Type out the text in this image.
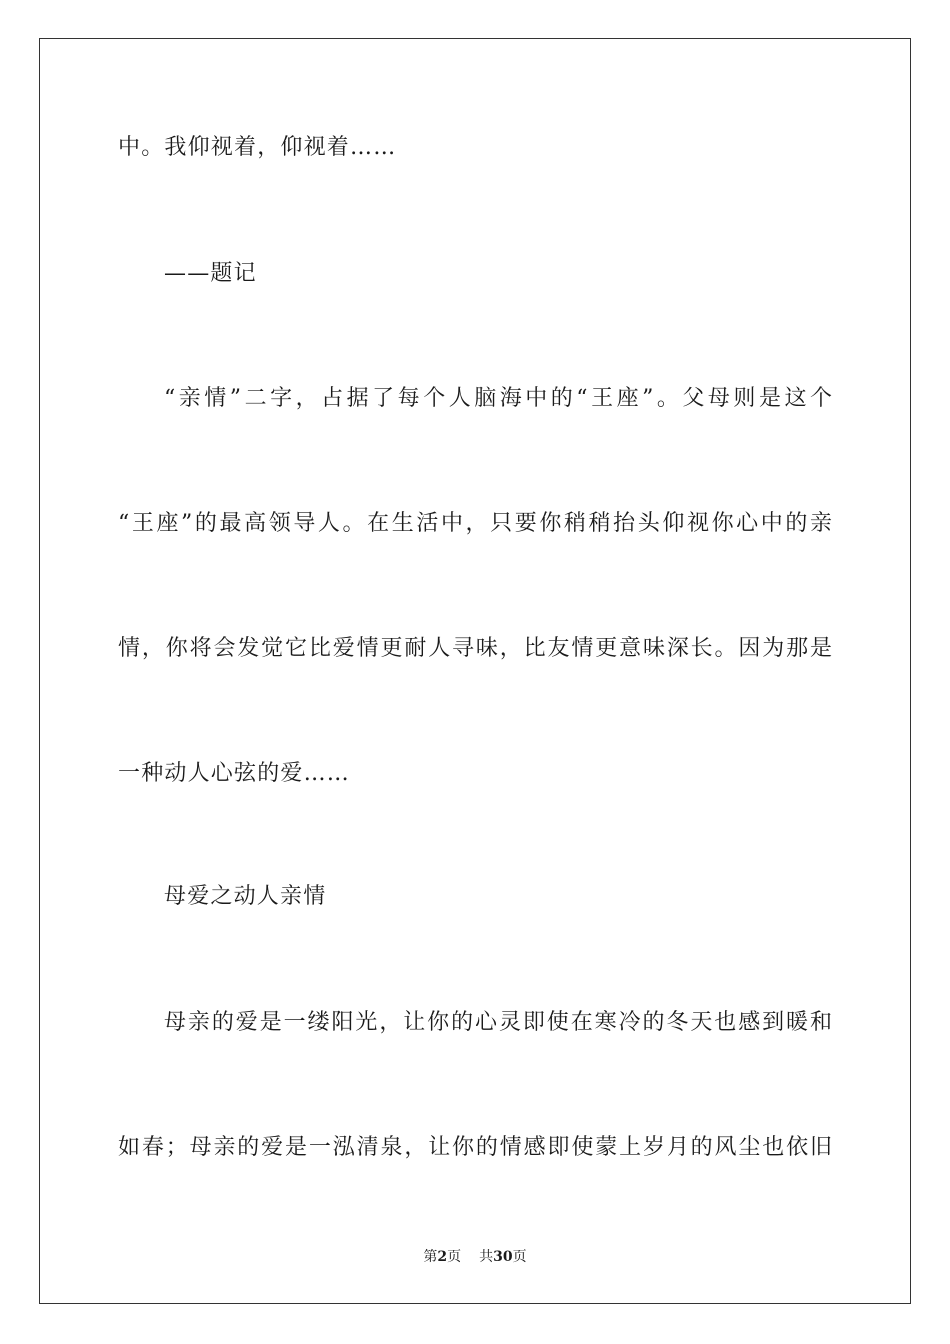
中。我仰视着，仰视着……
——题记
“亲情”二字，占据了每个人脑海中的“王座”。父母则是这个
“王座”的最高领导人。在生活中，只要你稍稍抬头仰视你心中的亲
情，你将会发觉它比爱情更耐人寻味，比友情更意味深长。因为那是
一种动人心弦的爱……
母爱之动人亲情
母亲的爱是一缕阳光，让你的心灵即使在寒冷的冬天也感到暖和
如春；母亲的爱是一泓清泉，让你的情感即使蒙上岁月的风尘也依旧
第2页 共30页
